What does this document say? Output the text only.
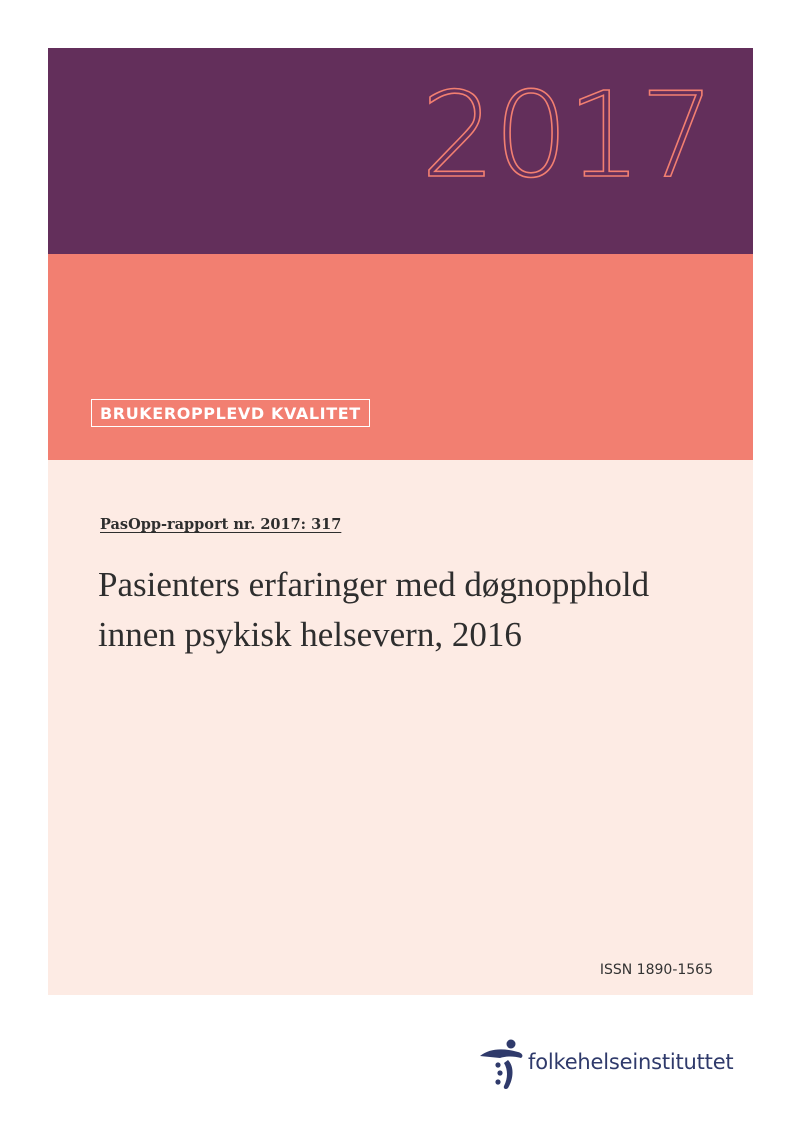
2017
BRUKEROPPLEVD KVALITET
PasOpp-rapport nr. 2017: 317
Pasienters erfaringer med døgnopphold
innen psykisk helsevern, 2016
ISSN 1890-1565
folkehelseinstituttet
